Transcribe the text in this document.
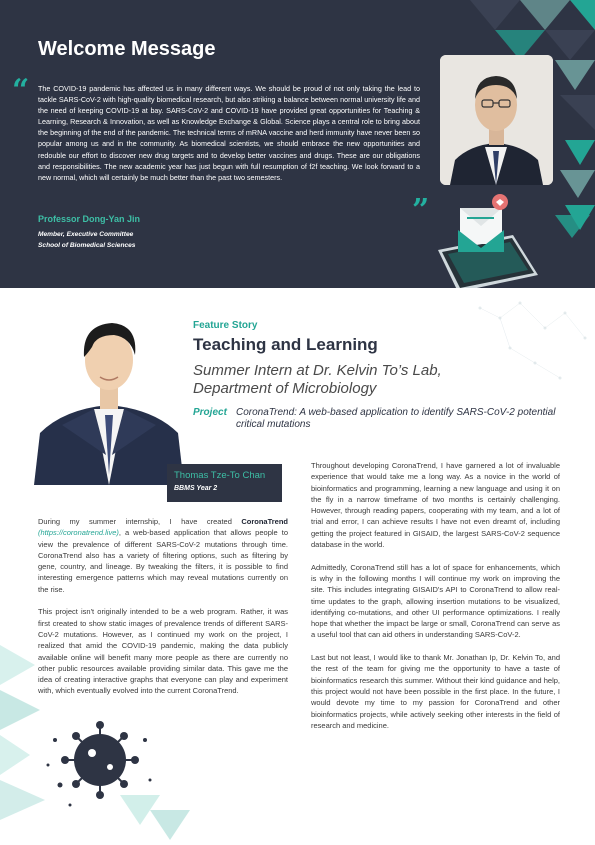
Welcome Message
“ The COVID-19 pandemic has affected us in many different ways. We should be proud of not only taking the lead to tackle SARS-CoV-2 with high-quality biomedical research, but also striking a balance between normal university life and the need of keeping COVID-19 at bay. SARS-CoV-2 and COVID-19 have provided great opportunities for Teaching & Learning, Research & Innovation, as well as Knowledge Exchange & Global. Science plays a central role to bring about the beginning of the end of the pandemic. The technical terms of mRNA vaccine and herd immunity have never been so popular among us and in the community. As biomedical scientists, we should embrace the new opportunities and redouble our effort to discover new drug targets and to develop better vaccines and drugs. These are our obligations and responsibilities. The new academic year has just begun with full resumption of f2f teaching. We look forward to a new normal, which will certainly be much better than the past two semesters.
”
Professor Dong-Yan Jin
Member, Executive Committee
School of Biomedical Sciences
Feature Story
Teaching and Learning
Summer Intern at Dr. Kelvin To’s Lab, Department of Microbiology
Project CoronaTrend: A web-based application to identify SARS-CoV-2 potential critical mutations
Thomas Tze-To Chan
BBMS Year 2

During my summer internship, I have created CoronaTrend (https://coronatrend.live), a web-based application that allows people to view the prevalence of different SARS-CoV-2 mutations through time. CoronaTrend also has a variety of filtering options, such as filtering by gene, country, and lineage. By tweaking the filters, it is possible to find interesting emergence patterns which may reveal mutations currently on the rise.

This project isn't originally intended to be a web program. Rather, it was first created to show static images of prevalence trends of different SARS-CoV-2 mutations. However, as I continued my work on the project, I realized that amid the COVID-19 pandemic, making the data publicly available online will benefit many more people as there are currently no other public resources available providing similar data. This gave me the idea of creating interactive graphs that everyone can play and experiment with, which eventually evolved into the current CoronaTrend.

Throughout developing CoronaTrend, I have garnered a lot of invaluable experience that would take me a long way. As a novice in the world of bioinformatics and programming, learning a new language and using it on the fly in a narrow timeframe of two months is certainly challenging. However, through reading papers, cooperating with my team, and a lot of trial and error, I can achieve results I have not even dreamt of, including getting the project featured in GISAID, the largest SARS-CoV-2 sequence database in the world.

Admittedly, CoronaTrend still has a lot of space for enhancements, which is why in the following months I will continue my work on improving the site. This includes integrating GISAID's API to CoronaTrend to allow real-time updates to the graph, allowing insertion mutations to be visualized, identifying co-mutations, and other UI performance optimizations. I really hope that whether the impact be large or small, CoronaTrend can serve as a useful tool that can aid others in understanding SARS-CoV-2.

Last but not least, I would like to thank Mr. Jonathan Ip, Dr. Kelvin To, and the rest of the team for giving me the opportunity to have a taste of bioinformatics research this summer. Without their kind guidance and help, this project would not have been possible in the first place. In the future, I would devote my time to my passion for CoronaTrend and other bioinformatics projects, while actively seeking other interests in the field of research and medicine.
